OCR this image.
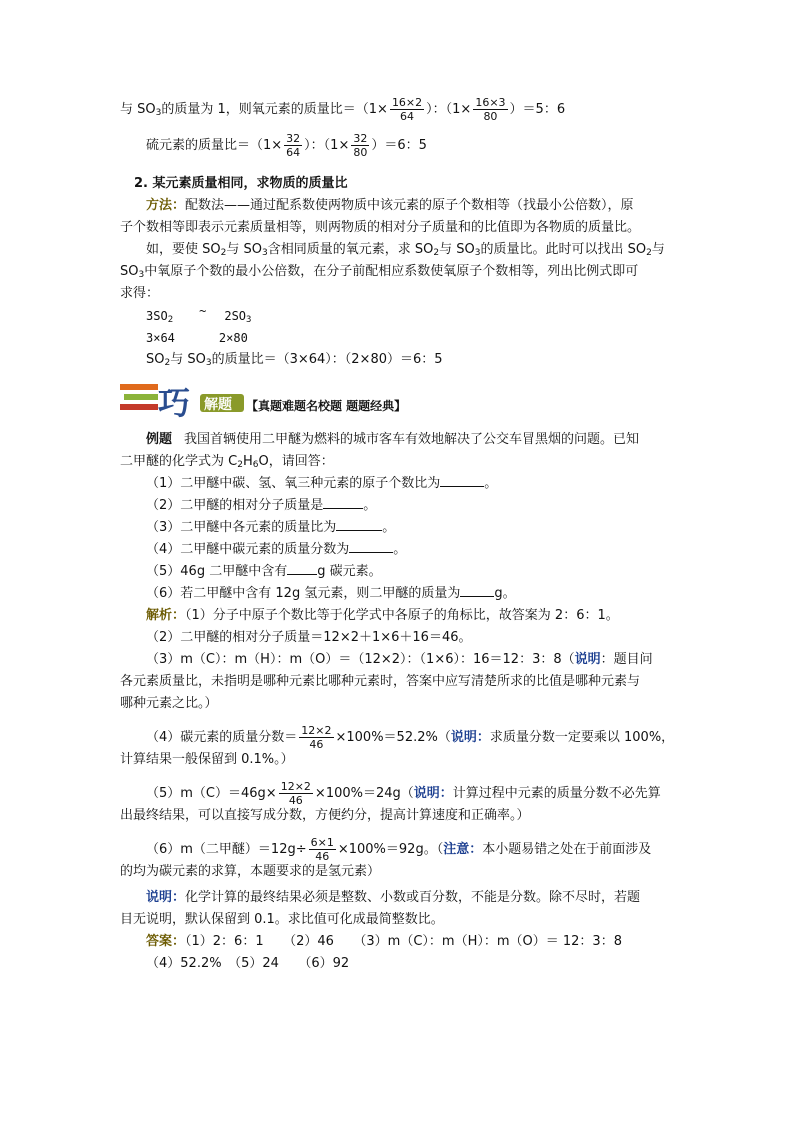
与 $SO_3$的质量为 1，则氧元素的质量比$=(1\times \frac{16\times 2}{64}$ ）：$(1\times \frac{16\times 3}{80} )=5$：6
硫元素的质量比$=(1\times \frac{32}{64}$ ）：$(1\times \frac{32}{80} )=6$：5
2. 某元素质量相同，求物质的质量比
方法：配数法——通过配系数使两物质中该元素的原子个数相等（找最小公倍数），原
子个数相等即表示元素质量相等，则两物质的相对分子质量和的比值即为各物质的质量比。
如，要使 $SO_2$与 $SO_3$含相同质量的氧元素，求 $SO_2$与 $SO_3$的质量比。此时可以找出 $SO_2$与
$SO_3$中氧原子个数的最小公倍数，在分子前配相应系数使氧原子个数相等，列出比例式即可
求得：
$3SO_2\sim$ $2SO_3$
3×64	2×80
$SO_2$与 $SO_3$的质量比＝（3×64）：（2×80）＝6：5
巧 解题 【真题难题名校题 题题经典】
例题 我国首辆使用二甲醚为燃料的城市客车有效地解决了公交车冒黑烟的问题。已知
二甲醚的化学式为 $C_2H_6O$，请回答：
（1）二甲醚中碳、氢、氧三种元素的原子个数比为	。
（2）二甲醚的相对分子质量是	。
（3）二甲醚中各元素的质量比为	。
（4）二甲醚中碳元素的质量分数为	。
（5）46g 二甲醚中含有 g 碳元素。
（6）若二甲醚中含有 12g 氢元素，则二甲醚的质量为	g。
解析：（1）分子中原子个数比等于化学式中各原子的角标比，故答案为 2：6：1。
（2）二甲醚的相对分子质量＝12×2＋1×6＋16＝46。
（3）m（C）：m（H）：m（O）＝（12×2）：（1×6）：16＝12：3：8（说明：题目问
各元素质量比，未指明是哪种元素比哪种元素时，答案中应写清楚所求的比值是哪种元素与
哪种元素之比。）
（4）碳元素的质量分数＝ $\frac{12\times 2}{46} \times 100\%=52.2\%$（说明：求质量分数一定要乘以 100%，
计算结果一般保留到 0.1%。）
$(5)m(C)=46g\times \frac{12\times 2}{46} \times 100\%=24g$（说明：计算过程中元素的质量分数不必先算
出最终结果，可以直接写成分数，方便约分，提高计算速度和正确率。）
（6）m（二甲醚）$=12g\div \frac{6\times 1}{46} \times 100\%=92g$。（注意：本小题易错之处在于前面涉及
的均为碳元素的求算，本题要求的是氢元素）
说明：化学计算的最终结果必须是整数、小数或百分数，不能是分数。除不尽时，若题
目无说明，默认保留到 0.1。求比值可化成最简整数比。
答案：（1）2：6：1　　（2）46　　（3）m（C）：m（H）：m（O）＝ 12：3：8
（4）52.2%　（5）24　　（6）92
